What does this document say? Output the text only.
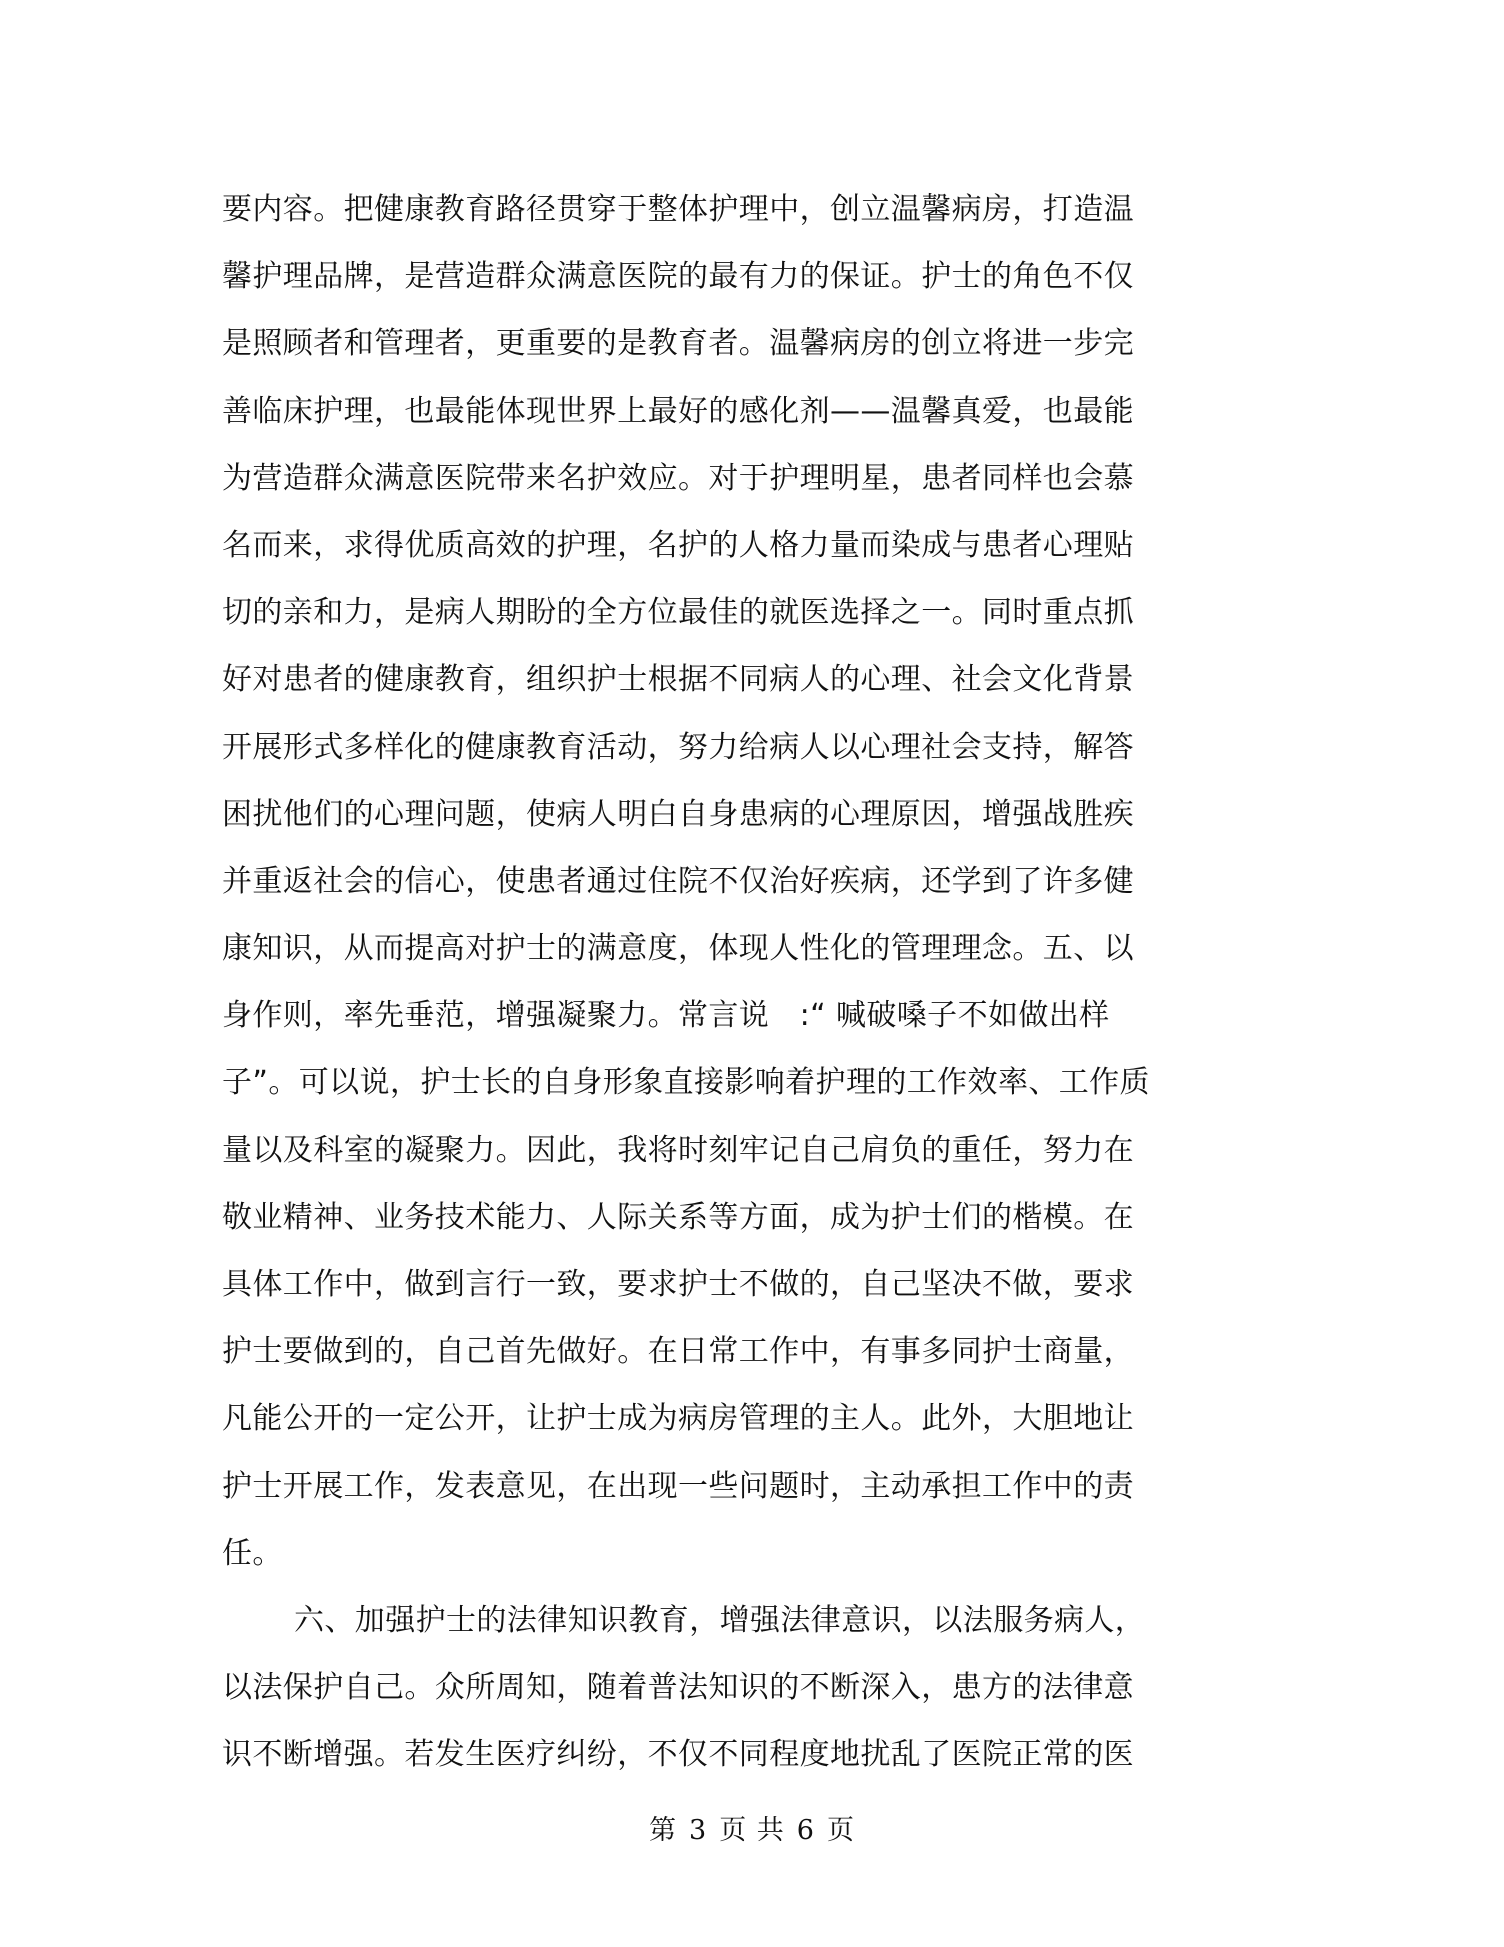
要内容。把健康教育路径贯穿于整体护理中，创立温馨病房，打造温
馨护理品牌，是营造群众满意医院的最有力的保证。护士的角色不仅
是照顾者和管理者，更重要的是教育者。温馨病房的创立将进一步完
善临床护理，也最能体现世界上最好的感化剂——温馨真爱，也最能
为营造群众满意医院带来名护效应。对于护理明星，患者同样也会慕
名而来，求得优质高效的护理，名护的人格力量而染成与患者心理贴
切的亲和力，是病人期盼的全方位最佳的就医选择之一。同时重点抓
好对患者的健康教育，组织护士根据不同病人的心理、社会文化背景
开展形式多样化的健康教育活动，努力给病人以心理社会支持，解答
困扰他们的心理问题，使病人明白自身患病的心理原因，增强战胜疾
并重返社会的信心，使患者通过住院不仅治好疾病，还学到了许多健
康知识，从而提高对护士的满意度，体现人性化的管理理念。五、以
身作则，率先垂范，增强凝聚力。常言说　:“ 喊破嗓子不如做出样
子”。可以说，护士长的自身形象直接影响着护理的工作效率、工作质
量以及科室的凝聚力。因此，我将时刻牢记自己肩负的重任，努力在
敬业精神、业务技术能力、人际关系等方面，成为护士们的楷模。在
具体工作中，做到言行一致，要求护士不做的，自己坚决不做，要求
护士要做到的，自己首先做好。在日常工作中，有事多同护士商量，
凡能公开的一定公开，让护士成为病房管理的主人。此外，大胆地让
护士开展工作，发表意见，在出现一些问题时，主动承担工作中的责
任。
六、加强护士的法律知识教育，增强法律意识，以法服务病人，
以法保护自己。众所周知，随着普法知识的不断深入，患方的法律意
识不断增强。若发生医疗纠纷，不仅不同程度地扰乱了医院正常的医
第 3 页 共 6 页
